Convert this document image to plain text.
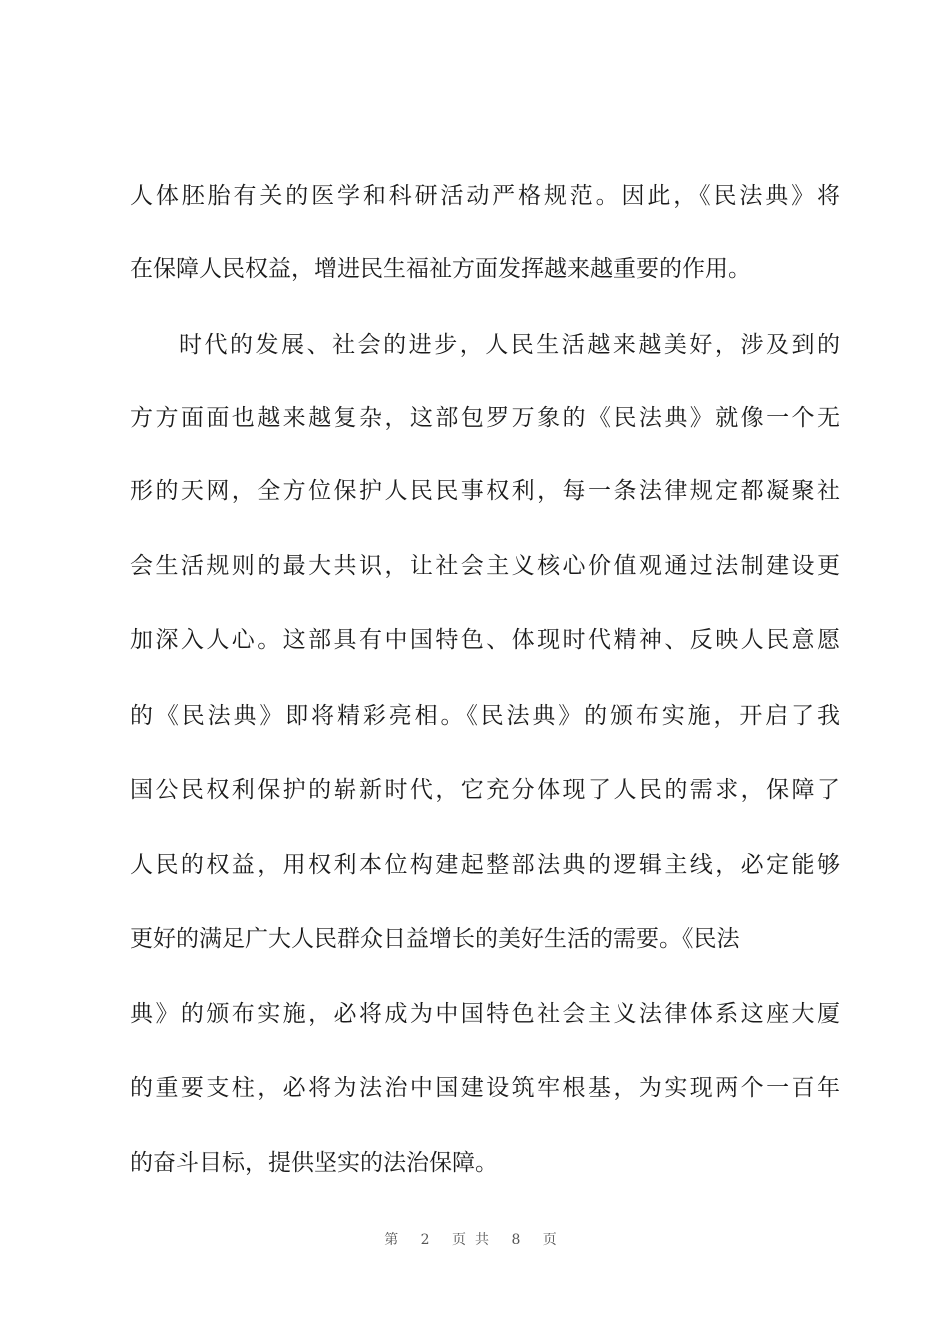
人体胚胎有关的医学和科研活动严格规范。因此，《民法典》将
在保障人民权益，增进民生福祉方面发挥越来越重要的作用。
时代的发展、社会的进步，人民生活越来越美好，涉及到的
方方面面也越来越复杂，这部包罗万象的《民法典》就像一个无
形的天网，全方位保护人民民事权利，每一条法律规定都凝聚社
会生活规则的最大共识，让社会主义核心价值观通过法制建设更
加深入人心。这部具有中国特色、体现时代精神、反映人民意愿
的《民法典》即将精彩亮相。《民法典》的颁布实施，开启了我
国公民权利保护的崭新时代，它充分体现了人民的需求，保障了
人民的权益，用权利本位构建起整部法典的逻辑主线，必定能够
更好的满足广大人民群众日益增长的美好生活的需要。《民法
典》的颁布实施，必将成为中国特色社会主义法律体系这座大厦
的重要支柱，必将为法治中国建设筑牢根基，为实现两个一百年
的奋斗目标，提供坚实的法治保障。
第 2 页共 8 页
